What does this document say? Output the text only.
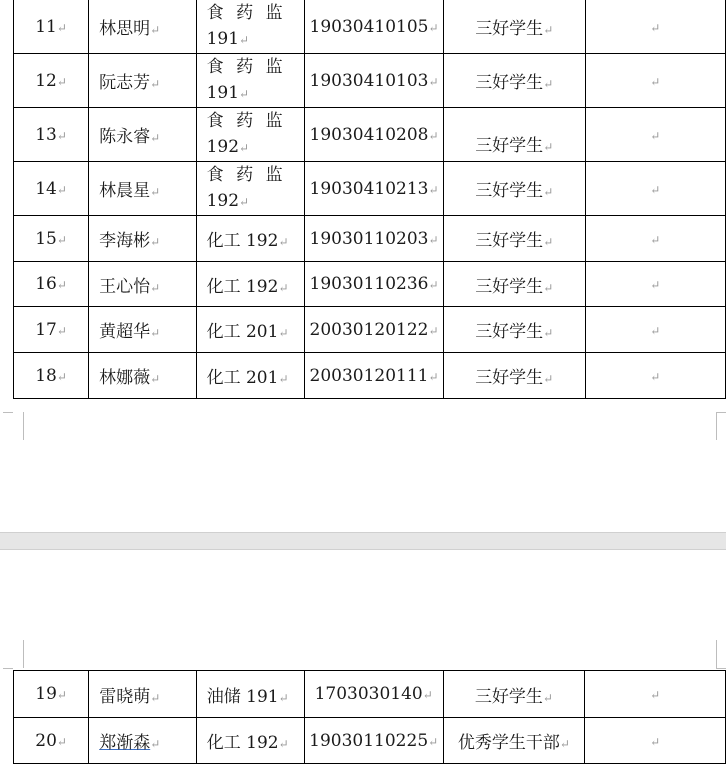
11↵	林思明↵	食 药 监
191↵	19030410105↵	三好学生↵	↵
12↵	阮志芳↵	食 药 监
191↵	19030410103↵	三好学生↵	↵
13↵	陈永睿↵	食 药 监
192↵	19030410208↵	三好学生↵	↵
14↵	林晨星↵	食 药 监
192↵	19030410213↵	三好学生↵	↵
15↵	李海彬↵	化工 192↵	19030110203↵	三好学生↵	↵
16↵	王心怡↵	化工 192↵	19030110236↵	三好学生↵	↵
17↵	黄超华↵	化工 201↵	20030120122↵	三好学生↵	↵
18↵	林娜薇↵	化工 201↵	20030120111↵	三好学生↵	↵
19↵	雷晓萌↵	油储 191↵	1703030140↵	三好学生↵	↵
20↵	郑渐森↵	化工 192↵	19030110225↵	优秀学生干部↵	↵
